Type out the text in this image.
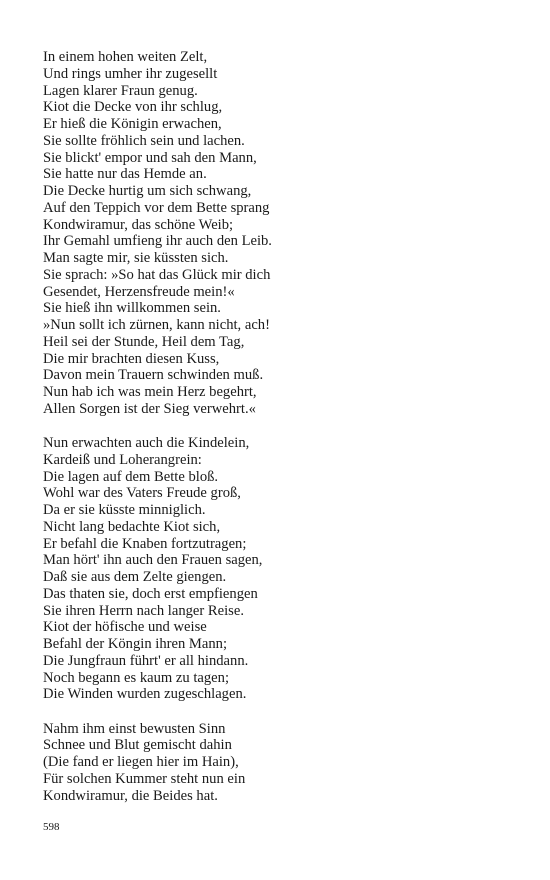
In einem hohen weiten Zelt,
Und rings umher ihr zugesellt
Lagen klarer Fraun genug.
Kiot die Decke von ihr schlug,
Er hieß die Königin erwachen,
Sie sollte fröhlich sein und lachen.
Sie blickt' empor und sah den Mann,
Sie hatte nur das Hemde an.
Die Decke hurtig um sich schwang,
Auf den Teppich vor dem Bette sprang
Kondwiramur, das schöne Weib;
Ihr Gemahl umfieng ihr auch den Leib.
Man sagte mir, sie küssten sich.
Sie sprach: »So hat das Glück mir dich
Gesendet, Herzensfreude mein!«
Sie hieß ihn willkommen sein.
»Nun sollt ich zürnen, kann nicht, ach!
Heil sei der Stunde, Heil dem Tag,
Die mir brachten diesen Kuss,
Davon mein Trauern schwinden muß.
Nun hab ich was mein Herz begehrt,
Allen Sorgen ist der Sieg verwehrt.«
Nun erwachten auch die Kindelein,
Kardeiß und Loherangrein:
Die lagen auf dem Bette bloß.
Wohl war des Vaters Freude groß,
Da er sie küsste minniglich.
Nicht lang bedachte Kiot sich,
Er befahl die Knaben fortzutragen;
Man hört' ihn auch den Frauen sagen,
Daß sie aus dem Zelte giengen.
Das thaten sie, doch erst empfiengen
Sie ihren Herrn nach langer Reise.
Kiot der höfische und weise
Befahl der Köngin ihren Mann;
Die Jungfraun führt' er all hindann.
Noch begann es kaum zu tagen;
Die Winden wurden zugeschlagen.
Nahm ihm einst bewusten Sinn
Schnee und Blut gemischt dahin
(Die fand er liegen hier im Hain),
Für solchen Kummer steht nun ein
Kondwiramur, die Beides hat.
598
